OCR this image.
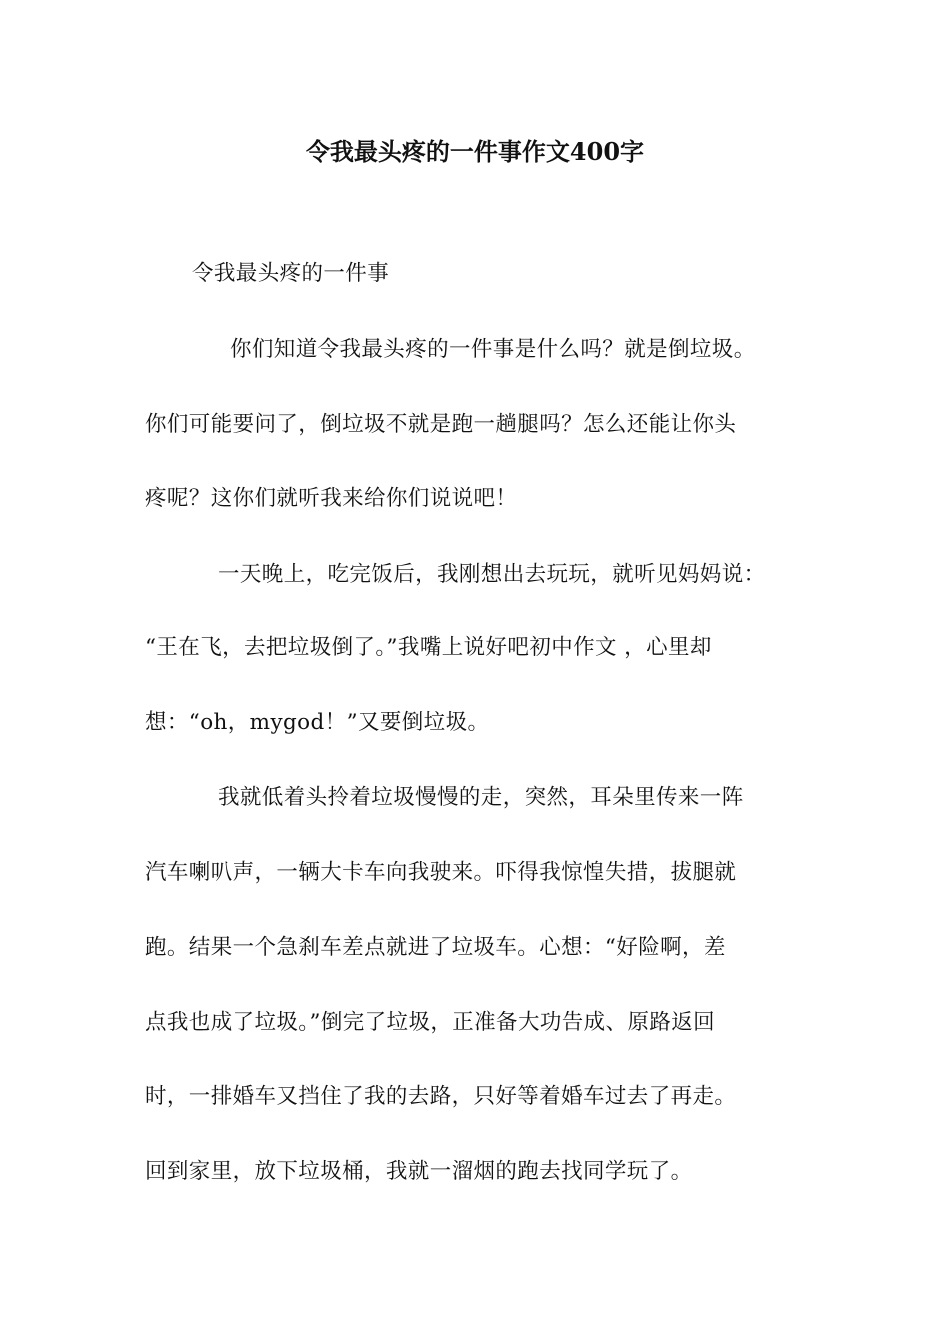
令我最头疼的一件事作文400字
令我最头疼的一件事
你们知道令我最头疼的一件事是什么吗？就是倒垃圾。
你们可能要问了，倒垃圾不就是跑一趟腿吗？怎么还能让你头
疼呢？这你们就听我来给你们说说吧！
一天晚上，吃完饭后，我刚想出去玩玩，就听见妈妈说：
“王在飞，去把垃圾倒了。”我嘴上说好吧初中作文 ，心里却
想：“oh，mygod！”又要倒垃圾。
我就低着头拎着垃圾慢慢的走，突然，耳朵里传来一阵
汽车喇叭声，一辆大卡车向我驶来。吓得我惊惶失措，拔腿就
跑。结果一个急刹车差点就进了垃圾车。心想：“好险啊，差
点我也成了垃圾。”倒完了垃圾，正准备大功告成、原路返回
时，一排婚车又挡住了我的去路，只好等着婚车过去了再走。
回到家里，放下垃圾桶，我就一溜烟的跑去找同学玩了。
